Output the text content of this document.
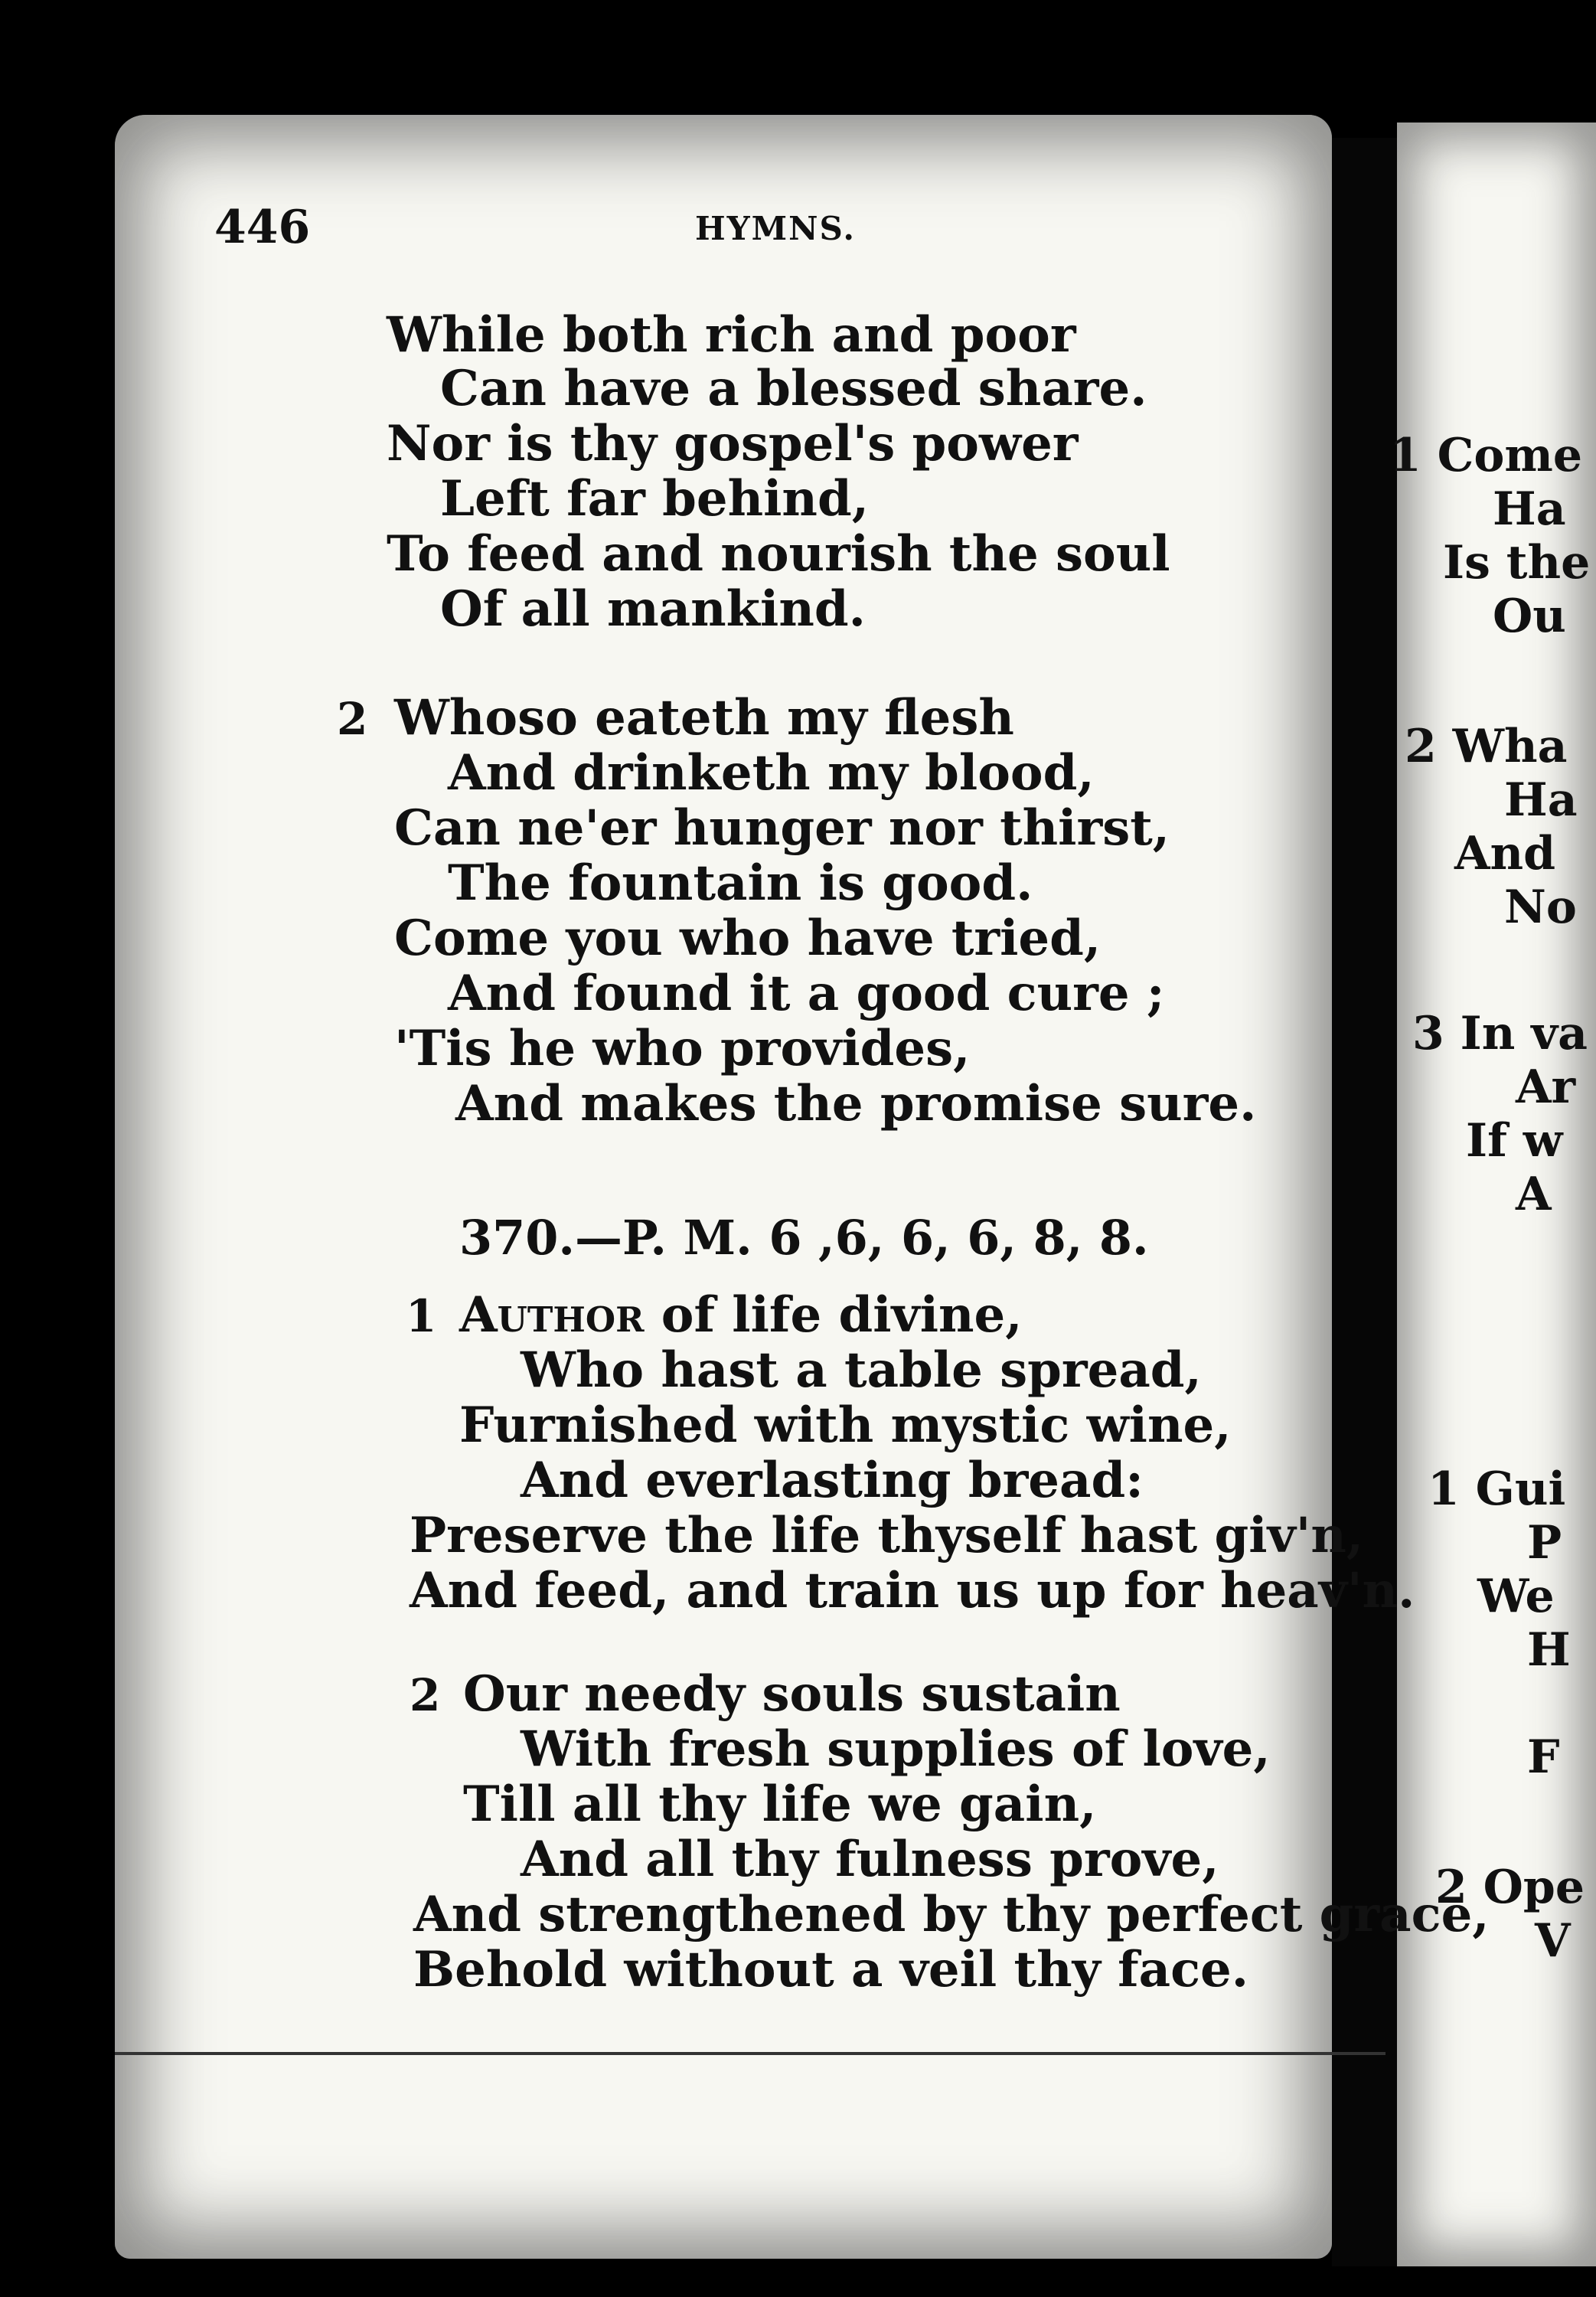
446	HYMNS.
While both rich and poor
Can have a blessed share.
Nor is thy gospel's power
Left far behind,
To feed and nourish the soul
Of all mankind.
2 Whoso eateth my flesh
And drinketh my blood,
Can ne'er hunger nor thirst,
The fountain is good.
Come you who have tried,
And found it a good cure ;
'Tis he who provides,
And makes the promise sure.
370.—P. M. 6 ,6, 6, 6, 8, 8.
1 Author of life divine,
Who hast a table spread,
Furnished with mystic wine,
And everlasting bread:
Preserve the life thyself hast giv'n,
And feed, and train us up for heav'n.
2 Our needy souls sustain
With fresh supplies of love,
Till all thy life we gain,
And all thy fulness prove,
And strengthened by thy perfect grace,
Behold without a veil thy face.
1 Come
Ha
Is the
Ou
2 Wha
Ha
And
No
3 In va
Ar
If w
A
1 Gui
P
We
H
F
2 Ope
V
